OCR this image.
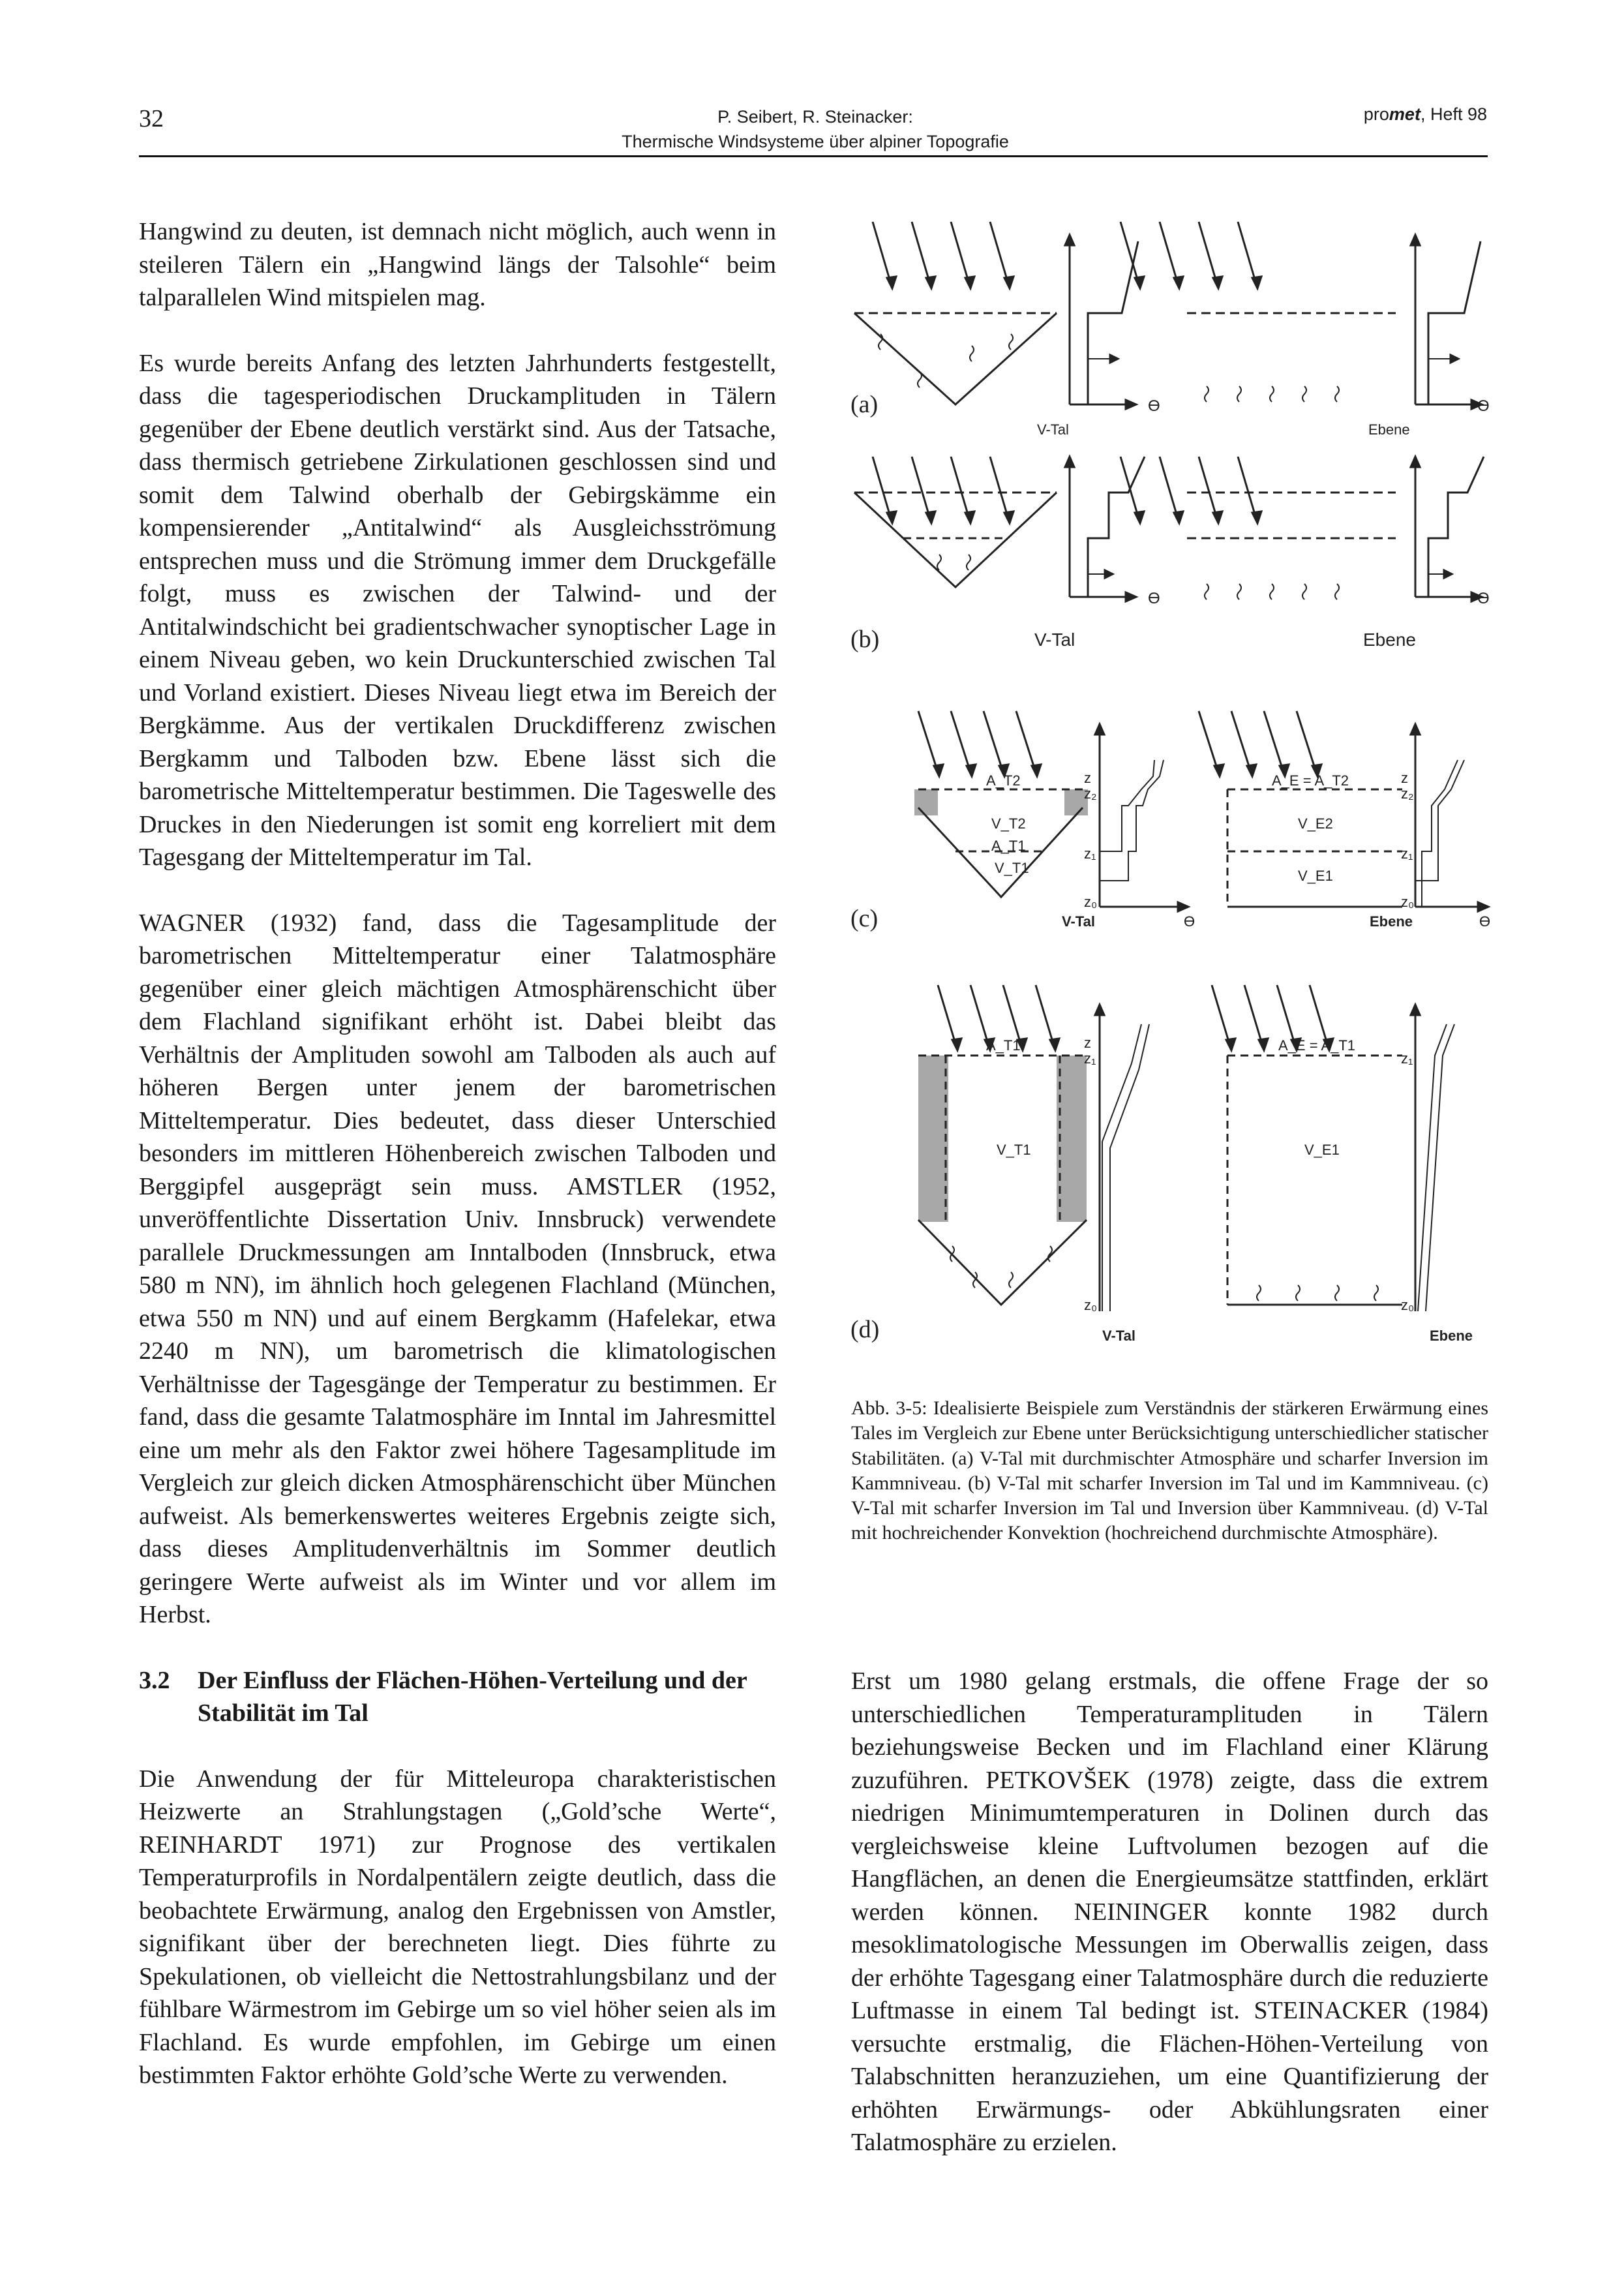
32	P. Seibert, R. Steinacker:
Thermische Windsysteme über alpiner Topografie
promet, Heft 98

Hangwind zu deuten, ist demnach nicht möglich, auch wenn in steileren Tälern ein „Hangwind längs der Talsohle“ beim talparallelen Wind mitspielen mag.

Es wurde bereits Anfang des letzten Jahrhunderts festgestellt, dass die tagesperiodischen Druckamplituden in Tälern gegenüber der Ebene deutlich verstärkt sind. Aus der Tatsache, dass thermisch getriebene Zirkulationen geschlossen sind und somit dem Talwind oberhalb der Gebirgskämme ein kompensierender „Antitalwind“ als Ausgleichsströmung entsprechen muss und die Strömung immer dem Druckgefälle folgt, muss es zwischen der Talwind- und der Antitalwindschicht bei gradientschwacher synoptischer Lage in einem Niveau geben, wo kein Druckunterschied zwischen Tal und Vorland existiert. Dieses Niveau liegt etwa im Bereich der Bergkämme. Aus der vertikalen Druckdifferenz zwischen Bergkamm und Talboden bzw. Ebene lässt sich die barometrische Mitteltemperatur bestimmen. Die Tageswelle des Druckes in den Niederungen ist somit eng korreliert mit dem Tagesgang der Mitteltemperatur im Tal.

WAGNER (1932) fand, dass die Tagesamplitude der barometrischen Mitteltemperatur einer Talatmosphäre gegenüber einer gleich mächtigen Atmosphärenschicht über dem Flachland signifikant erhöht ist. Dabei bleibt das Verhältnis der Amplituden sowohl am Talboden als auch auf höheren Bergen unter jenem der barometrischen Mitteltemperatur. Dies bedeutet, dass dieser Unterschied besonders im mittleren Höhenbereich zwischen Talboden und Berggipfel ausgeprägt sein muss. AMSTLER (1952, unveröffentlichte Dissertation Univ. Innsbruck) verwendete parallele Druckmessungen am Inntalboden (Innsbruck, etwa 580 m NN), im ähnlich hoch gelegenen Flachland (München, etwa 550 m NN) und auf einem Bergkamm (Hafelekar, etwa 2240 m NN), um barometrisch die klimatologischen Verhältnisse der Tagesgänge der Temperatur zu bestimmen. Er fand, dass die gesamte Talatmosphäre im Inntal im Jahresmittel eine um mehr als den Faktor zwei höhere Tagesamplitude im Vergleich zur gleich dicken Atmosphärenschicht über München aufweist. Als bemerkenswertes weiteres Ergebnis zeigte sich, dass dieses Amplitudenverhältnis im Sommer deutlich geringere Werte aufweist als im Winter und vor allem im Herbst.

3.2	Der Einfluss der Flächen-Höhen-Verteilung und der Stabilität im Tal

Die Anwendung der für Mitteleuropa charakteristischen Heizwerte an Strahlungstagen („Gold’sche Werte“, REINHARDT 1971) zur Prognose des vertikalen Temperaturprofils in Nordalpentälern zeigte deutlich, dass die beobachtete Erwärmung, analog den Ergebnissen von Amstler, signifikant über der berechneten liegt. Dies führte zu Spekulationen, ob vielleicht die Nettostrahlungsbilanz und der fühlbare Wärmestrom im Gebirge um so viel höher seien als im Flachland. Es wurde empfohlen, im Gebirge um einen bestimmten Faktor erhöhte Gold’sche Werte zu verwenden.

(a)	ϴ	ϴ
V-Tal	Ebene
(b)
ϴ	ϴ
V-Tal	Ebene
A_T2
V_T2
A_T1
V_T1
z
z₂
z₁
z₀
V-Tal	ϴ
A_E = A_T2
V_E2
V_E1
z
z₂
z₁
z₀
Ebene	ϴ
(c)
A_T1
V_T1
z
z₁
z₀
V-Tal
A_E = A_T1
V_E1
z₁
z₀
Ebene
(d)
Abb. 3-5: Idealisierte Beispiele zum Verständnis der stärkeren Erwärmung eines Tales im Vergleich zur Ebene unter Berücksichtigung unterschiedlicher statischer Stabilitäten. (a) V-Tal mit durchmischter Atmosphäre und scharfer Inversion im Kammniveau. (b) V-Tal mit scharfer Inversion im Tal und im Kammniveau. (c) V-Tal mit scharfer Inversion im Tal und Inversion über Kammniveau. (d) V-Tal mit hochreichender Konvektion (hochreichend durchmischte Atmosphäre).

Erst um 1980 gelang erstmals, die offene Frage der so unterschiedlichen Temperaturamplituden in Tälern beziehungsweise Becken und im Flachland einer Klärung zuzuführen. PETKOVŠEK (1978) zeigte, dass die extrem niedrigen Minimumtemperaturen in Dolinen durch das vergleichsweise kleine Luftvolumen bezogen auf die Hangflächen, an denen die Energieumsätze stattfinden, erklärt werden können. NEININGER konnte 1982 durch mesoklimatologische Messungen im Oberwallis zeigen, dass der erhöhte Tagesgang einer Talatmosphäre durch die reduzierte Luftmasse in einem Tal bedingt ist. STEINACKER (1984) versuchte erstmalig, die Flächen-Höhen-Verteilung von Talabschnitten heranzuziehen, um eine Quantifizierung der erhöhten Erwärmungs- oder Abkühlungsraten einer Talatmosphäre zu erzielen.
